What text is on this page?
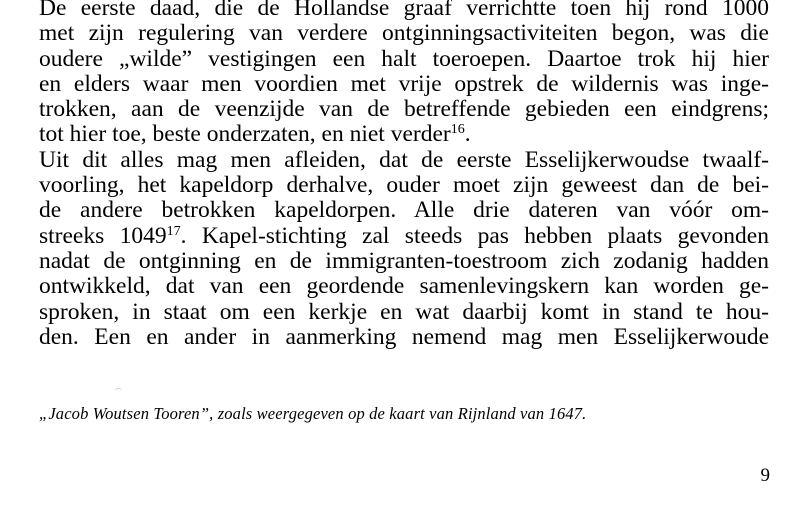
De eerste daad, die de Hollandse graaf verrichtte toen hij rond 1000
met zijn regulering van verdere ontginningsactiviteiten begon, was die
oudere „wilde” vestigingen een halt toeroepen. Daartoe trok hij hier
en elders waar men voordien met vrije opstrek de wildernis was inge-
trokken, aan de veenzijde van de betreffende gebieden een eindgrens;
tot hier toe, beste onderzaten, en niet verder$^{16}$.
Uit dit alles mag men afleiden, dat de eerste Esselijkerwoudse twaalf-
voorling, het kapeldorp derhalve, ouder moet zijn geweest dan de bei-
de andere betrokken kapeldorpen. Alle drie dateren van vóór om-
streeks 1049$^{17}$. Kapel-stichting zal steeds pas hebben plaats gevonden
nadat de ontginning en de immigranten-toestroom zich zodanig hadden
ontwikkeld, dat van een geordende samenlevingskern kan worden ge-
sproken, in staat om een kerkje en wat daarbij komt in stand te hou-
den. Een en ander in aanmerking nemend mag men Esselijkerwoude
„Jacob Woutsen Tooren”, zoals weergegeven op de kaart van Rijnland van 1647.
9
